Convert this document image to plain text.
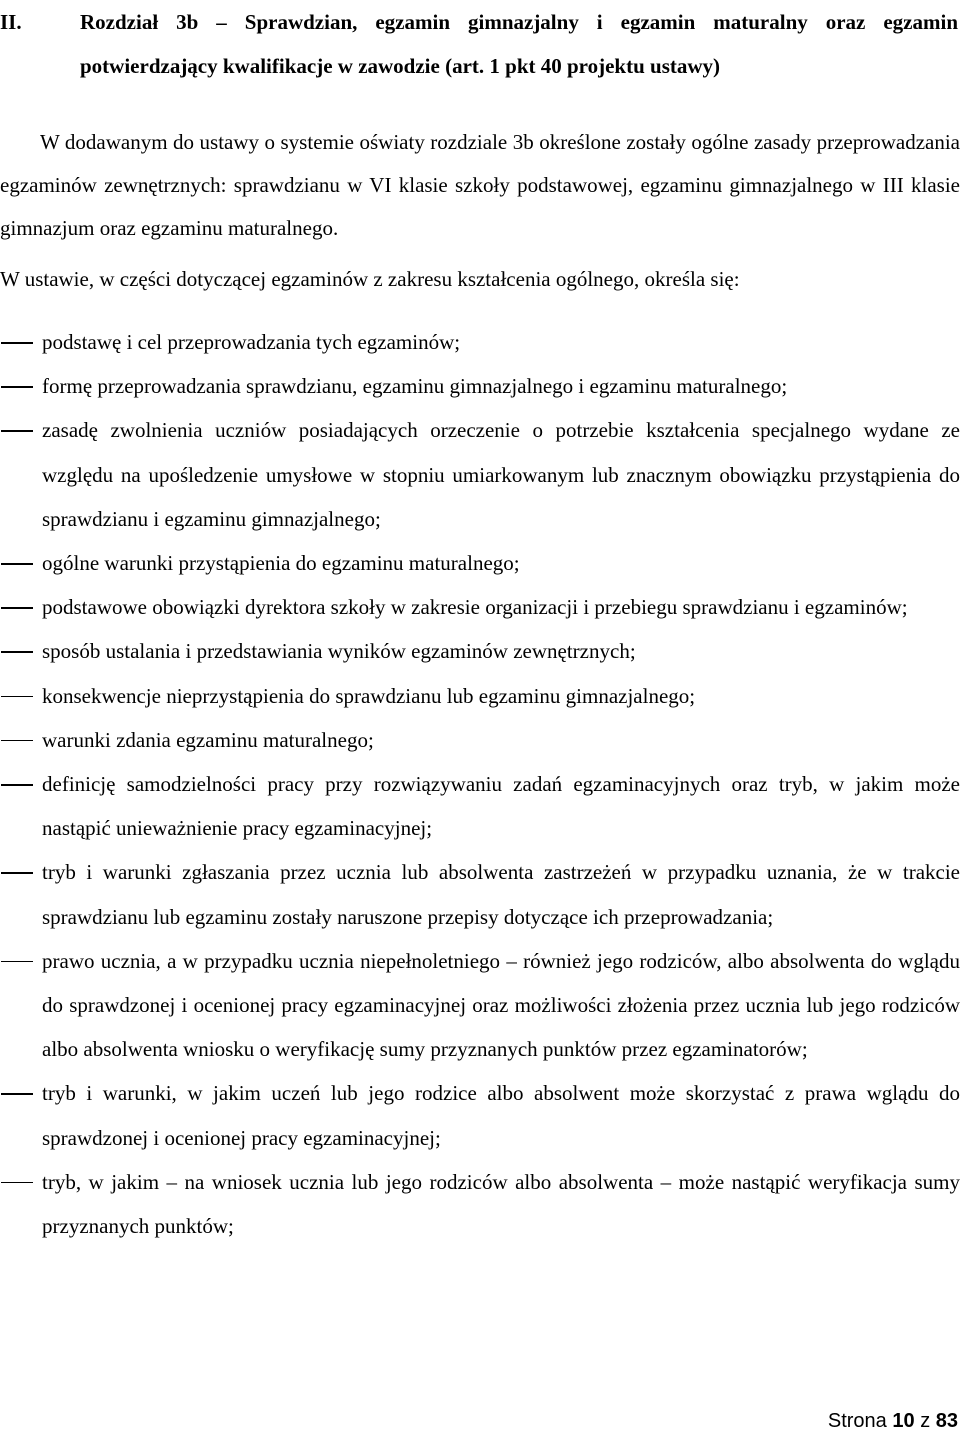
II.	Rozdział 3b – Sprawdzian, egzamin gimnazjalny i egzamin maturalny oraz egzamin potwierdzający kwalifikacje w zawodzie (art. 1 pkt 40 projektu ustawy)

W dodawanym do ustawy o systemie oświaty rozdziale 3b określone zostały ogólne zasady przeprowadzania egzaminów zewnętrznych: sprawdzianu w VI klasie szkoły podstawowej, egzaminu gimnazjalnego w III klasie gimnazjum oraz egzaminu maturalnego.

W ustawie, w części dotyczącej egzaminów z zakresu kształcenia ogólnego, określa się:

podstawę i cel przeprowadzania tych egzaminów;
formę przeprowadzania sprawdzianu, egzaminu gimnazjalnego i egzaminu maturalnego;
zasadę zwolnienia uczniów posiadających orzeczenie o potrzebie kształcenia specjalnego wydane ze względu na upośledzenie umysłowe w stopniu umiarkowanym lub znacznym obowiązku przystąpienia do sprawdzianu i egzaminu gimnazjalnego;
ogólne warunki przystąpienia do egzaminu maturalnego;
podstawowe obowiązki dyrektora szkoły w zakresie organizacji i przebiegu sprawdzianu i egzaminów;
sposób ustalania i przedstawiania wyników egzaminów zewnętrznych;
konsekwencje nieprzystąpienia do sprawdzianu lub egzaminu gimnazjalnego;
warunki zdania egzaminu maturalnego;
definicję samodzielności pracy przy rozwiązywaniu zadań egzaminacyjnych oraz tryb, w jakim może nastąpić unieważnienie pracy egzaminacyjnej;
tryb i warunki zgłaszania przez ucznia lub absolwenta zastrzeżeń w przypadku uznania, że w trakcie sprawdzianu lub egzaminu zostały naruszone przepisy dotyczące ich przeprowadzania;
prawo ucznia, a w przypadku ucznia niepełnoletniego – również jego rodziców, albo absolwenta do wglądu do sprawdzonej i ocenionej pracy egzaminacyjnej oraz możliwości złożenia przez ucznia lub jego rodziców albo absolwenta wniosku o weryfikację sumy przyznanych punktów przez egzaminatorów;
tryb i warunki, w jakim uczeń lub jego rodzice albo absolwent może skorzystać z prawa wglądu do sprawdzonej i ocenionej pracy egzaminacyjnej;
tryb, w jakim – na wniosek ucznia lub jego rodziców albo absolwenta – może nastąpić weryfikacja sumy przyznanych punktów;
Strona 10 z 83
